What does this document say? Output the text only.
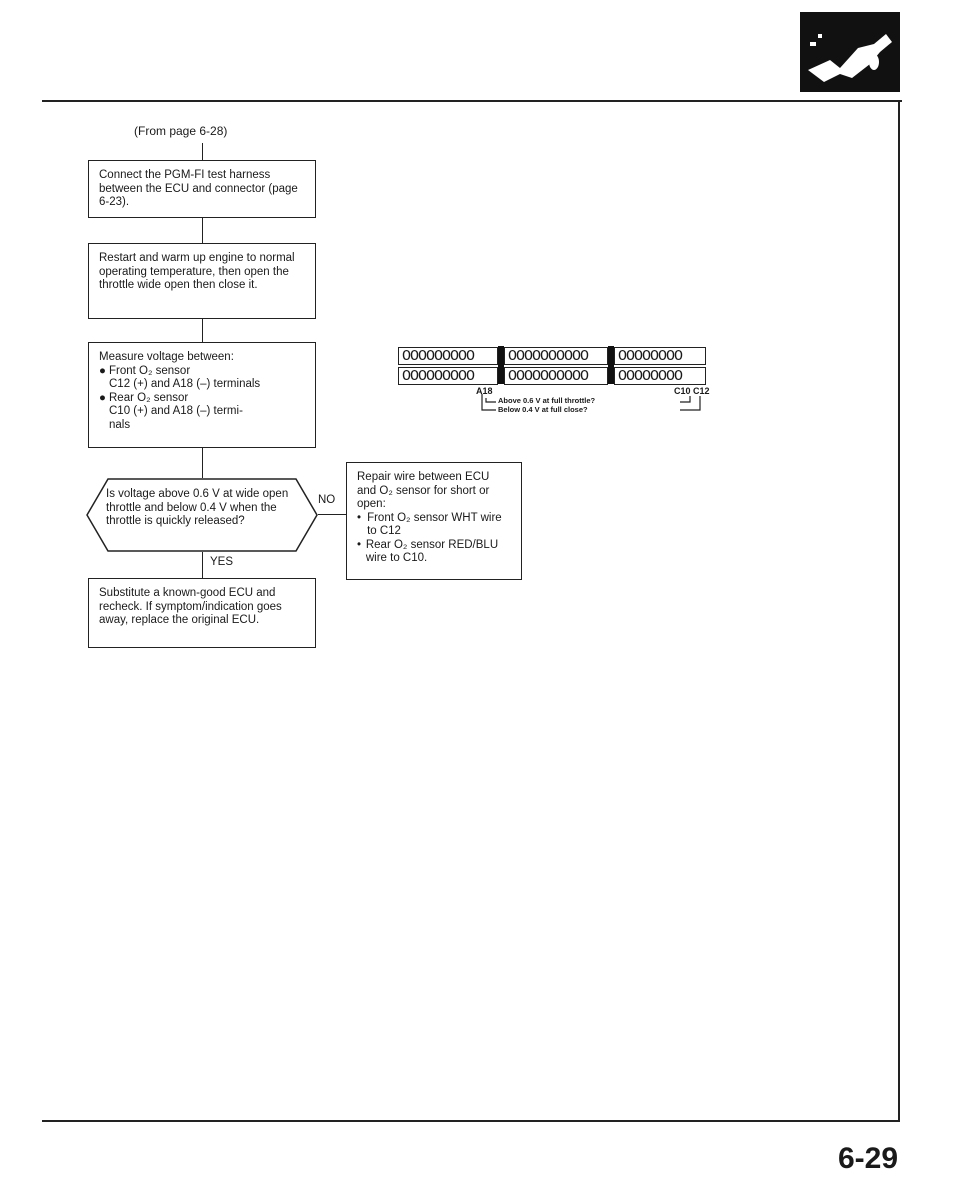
(From page 6-28)
Connect the PGM-FI test harness between the ECU and connector (page 6-23).
Restart and warm up engine to normal operating temperature, then open the throttle wide open then close it.
Measure voltage between:
● Front O₂ sensor
C12 (+) and A18 (–) terminals
● Rear O₂ sensor
C10 (+) and A18 (–) termi-
nals
Is voltage above 0.6 V at wide open throttle and below 0.4 V when the throttle is quickly released?
NO
Repair wire between ECU and O₂ sensor for short or open:
• Front O₂ sensor WHT wire to C12
• Rear O₂ sensor RED/BLU wire to C10.
YES
Substitute a known-good ECU and recheck. If symptom/indication goes away, replace the original ECU.
OOOOOOOOO	OOOOOOOOOO	OOOOOOOO
OOOOOOOOO	OOOOOOOOOO	OOOOOOOO
A18	C10 C12
Above 0.6 V at full throttle?
Below 0.4 V at full close?
6-29
